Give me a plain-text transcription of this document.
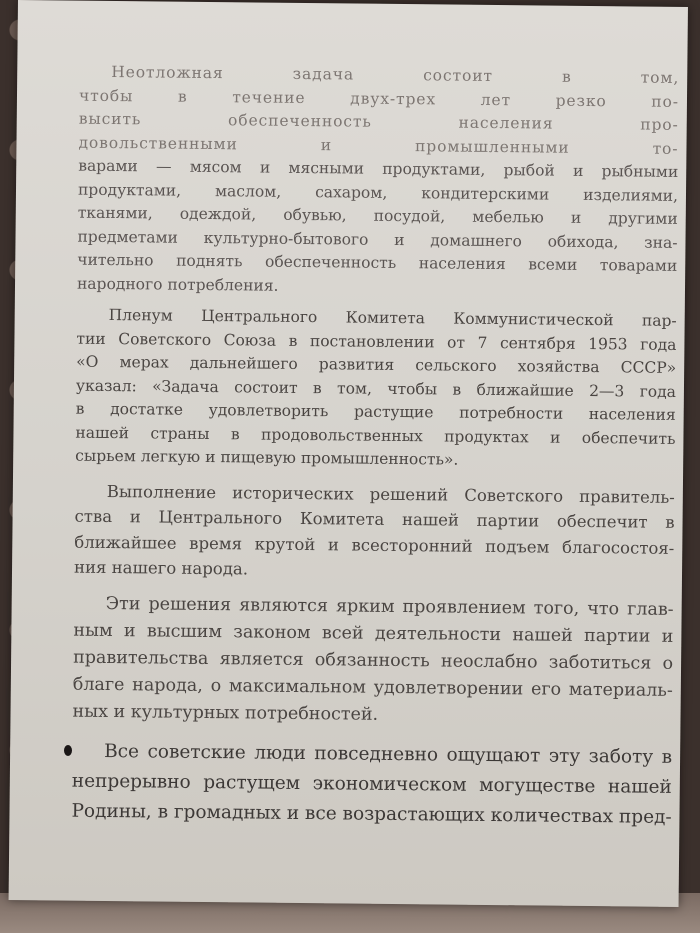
Неотложная задача состоит в том,
чтобы в течение двух-трех лет резко по-
высить обеспеченность населения про-
довольственными и промышленными то-
варами — мясом и мясными продуктами, рыбой и рыбными
продуктами, маслом, сахаром, кондитерскими изделиями,
тканями, одеждой, обувью, посудой, мебелью и другими
предметами культурно-бытового и домашнего обихода, зна-
чительно поднять обеспеченность населения всеми товарами
народного потребления.
Пленум Центрального Комитета Коммунистической пар-
тии Советского Союза в постановлении от 7 сентября 1953 года
«О мерах дальнейшего развития сельского хозяйства СССР»
указал: «Задача состоит в том, чтобы в ближайшие 2—3 года
в достатке удовлетворить растущие потребности населения
нашей страны в продовольственных продуктах и обеспечить
сырьем легкую и пищевую промышленность».
Выполнение исторических решений Советского правитель-
ства и Центрального Комитета нашей партии обеспечит в
ближайшее время крутой и всесторонний подъем благосостоя-
ния нашего народа.
Эти решения являются ярким проявлением того, что глав-
ным и высшим законом всей деятельности нашей партии и
правительства является обязанность неослабно заботиться о
благе народа, о максимальном удовлетворении его материаль-
ных и культурных потребностей.
Все советские люди повседневно ощущают эту заботу в
непрерывно растущем экономическом могуществе нашей
Родины, в громадных и все возрастающих количествах пред-
